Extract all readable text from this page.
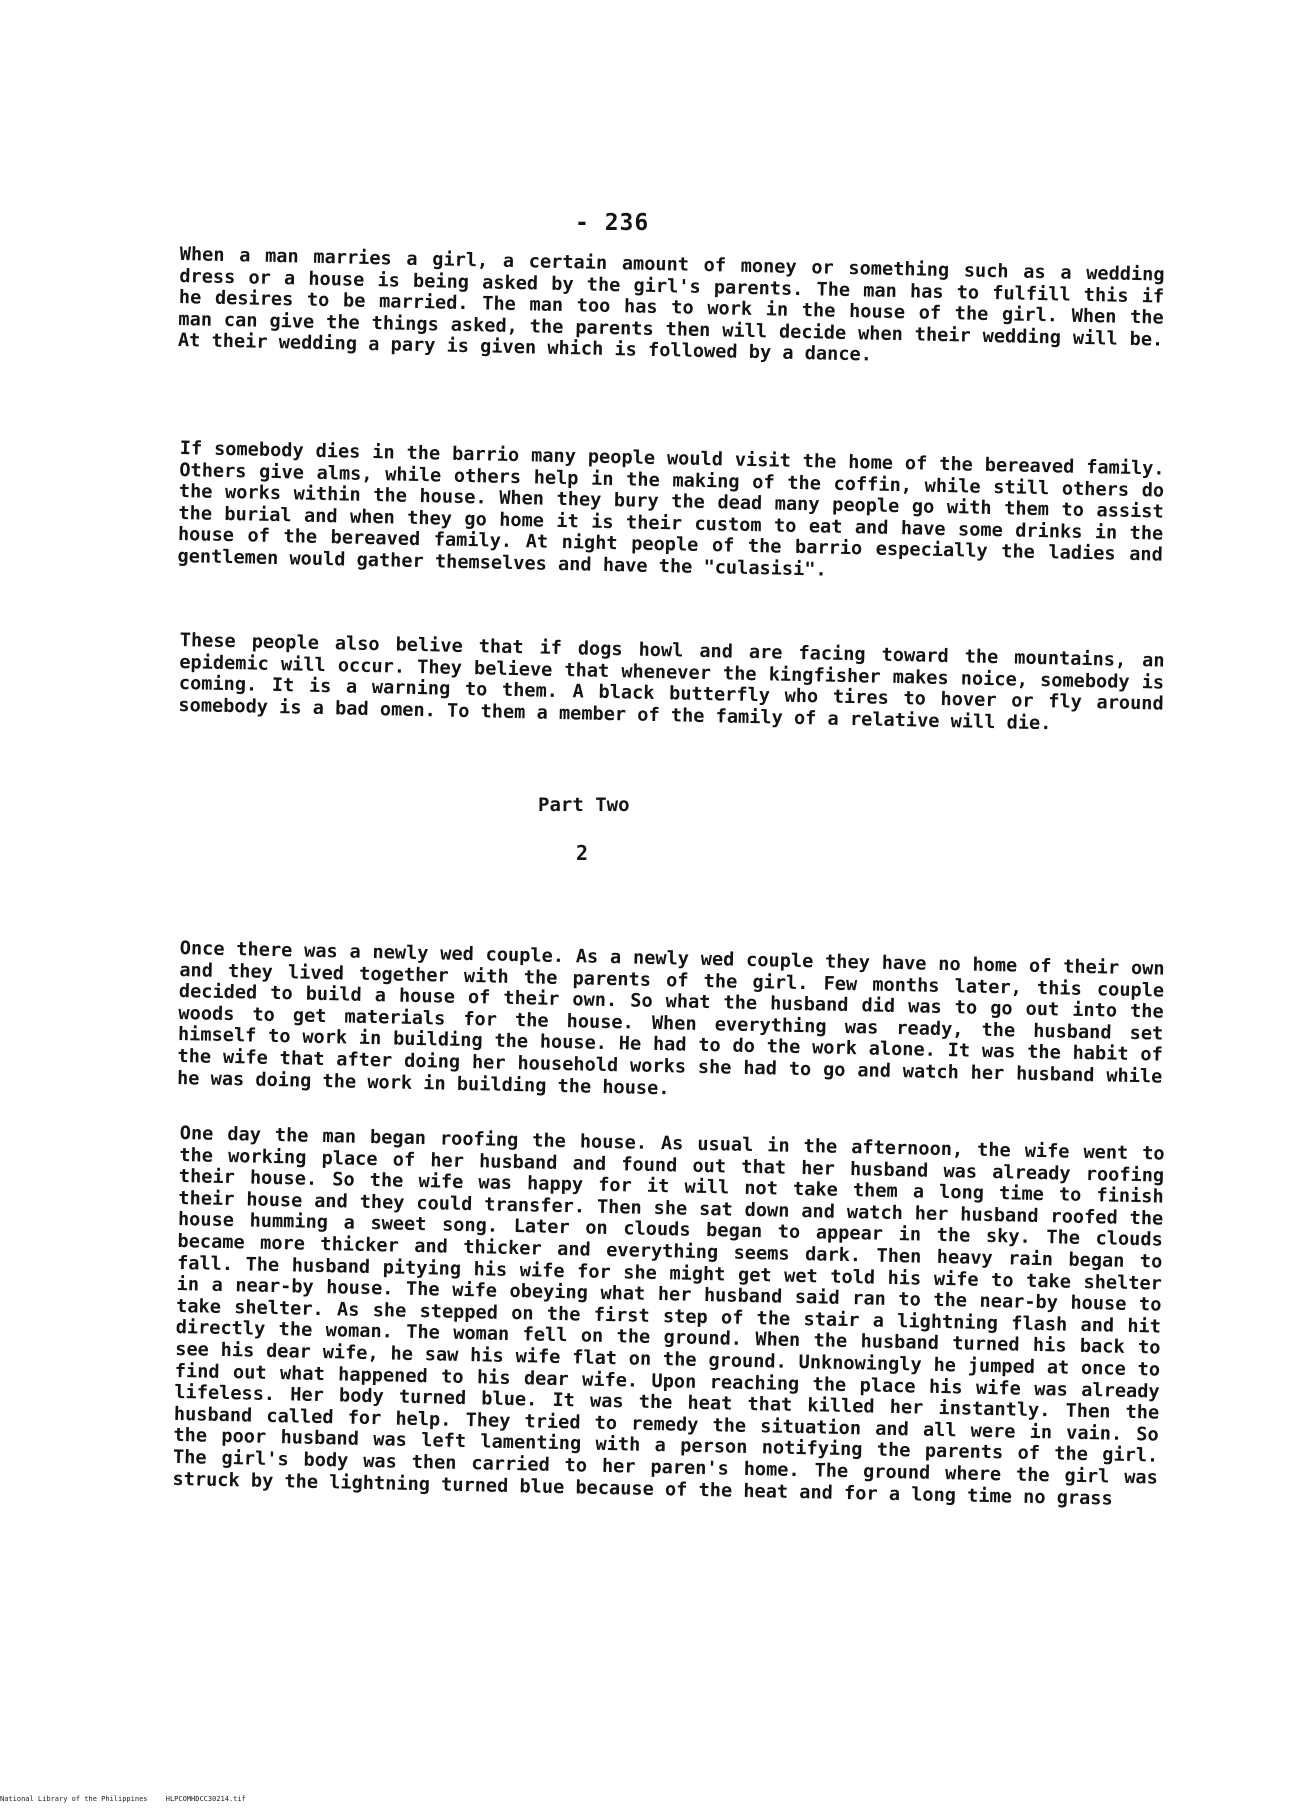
- 236

When a man marries a girl, a certain amount of money or something such as a wedding dress or a house is being asked by the girl's parents. The man has to fulfill this if he desires to be married. The man too has to work in the house of the girl. When the man can give the things asked, the parents then will decide when their wedding will be. At their wedding a pary is given which is followed by a dance.

If somebody dies in the barrio many people would visit the home of the bereaved family. Others give alms, while others help in the making of the coffin, while still others do the works within the house. When they bury the dead many people go with them to assist the burial and when they go home it is their custom to eat and have some drinks in the house of the bereaved family. At night people of the barrio especially the ladies and gentlemen would gather themselves and have the "culasisi".

These people also belive that if dogs howl and are facing toward the mountains, an epidemic will occur. They believe that whenever the kingfisher makes noice, somebody is coming. It is a warning to them. A black butterfly who tires to hover or fly around somebody is a bad omen. To them a member of the family of a relative will die.

Part Two
2

Once there was a newly wed couple. As a newly wed couple they have no home of their own and they lived together with the parents of the girl. Few months later, this couple decided to build a house of their own. So what the husband did was to go out into the woods to get materials for the house. When everything was ready, the husband set himself to work in building the house. He had to do the work alone. It was the habit of the wife that after doing her household works she had to go and watch her husband while he was doing the work in building the house.

One day the man began roofing the house. As usual in the afternoon, the wife went to the working place of her husband and found out that her husband was already roofing their house. So the wife was happy for it will not take them a long time to finish their house and they could transfer. Then she sat down and watch her husband roofed the house humming a sweet song. Later on clouds began to appear in the sky. The clouds became more thicker and thicker and everything seems dark. Then heavy rain began to fall. The husband pitying his wife for she might get wet told his wife to take shelter in a near-by house. The wife obeying what her husband said ran to the near-by house to take shelter. As she stepped on the first step of the stair a lightning flash and hit directly the woman. The woman fell on the ground. When the husband turned his back to see his dear wife, he saw his wife flat on the ground. Unknowingly he jumped at once to find out what happened to his dear wife. Upon reaching the place his wife was already lifeless. Her body turned blue. It was the heat that killed her instantly. Then the husband called for help. They tried to remedy the situation and all were in vain. So the poor husband was left lamenting with a person notifying the parents of the girl. The girl's body was then carried to her paren's home. The ground where the girl was struck by the lightning turned blue because of the heat and for a long time no grass

National Library of the Philippines	HLPCOMHDCC30214.tif
